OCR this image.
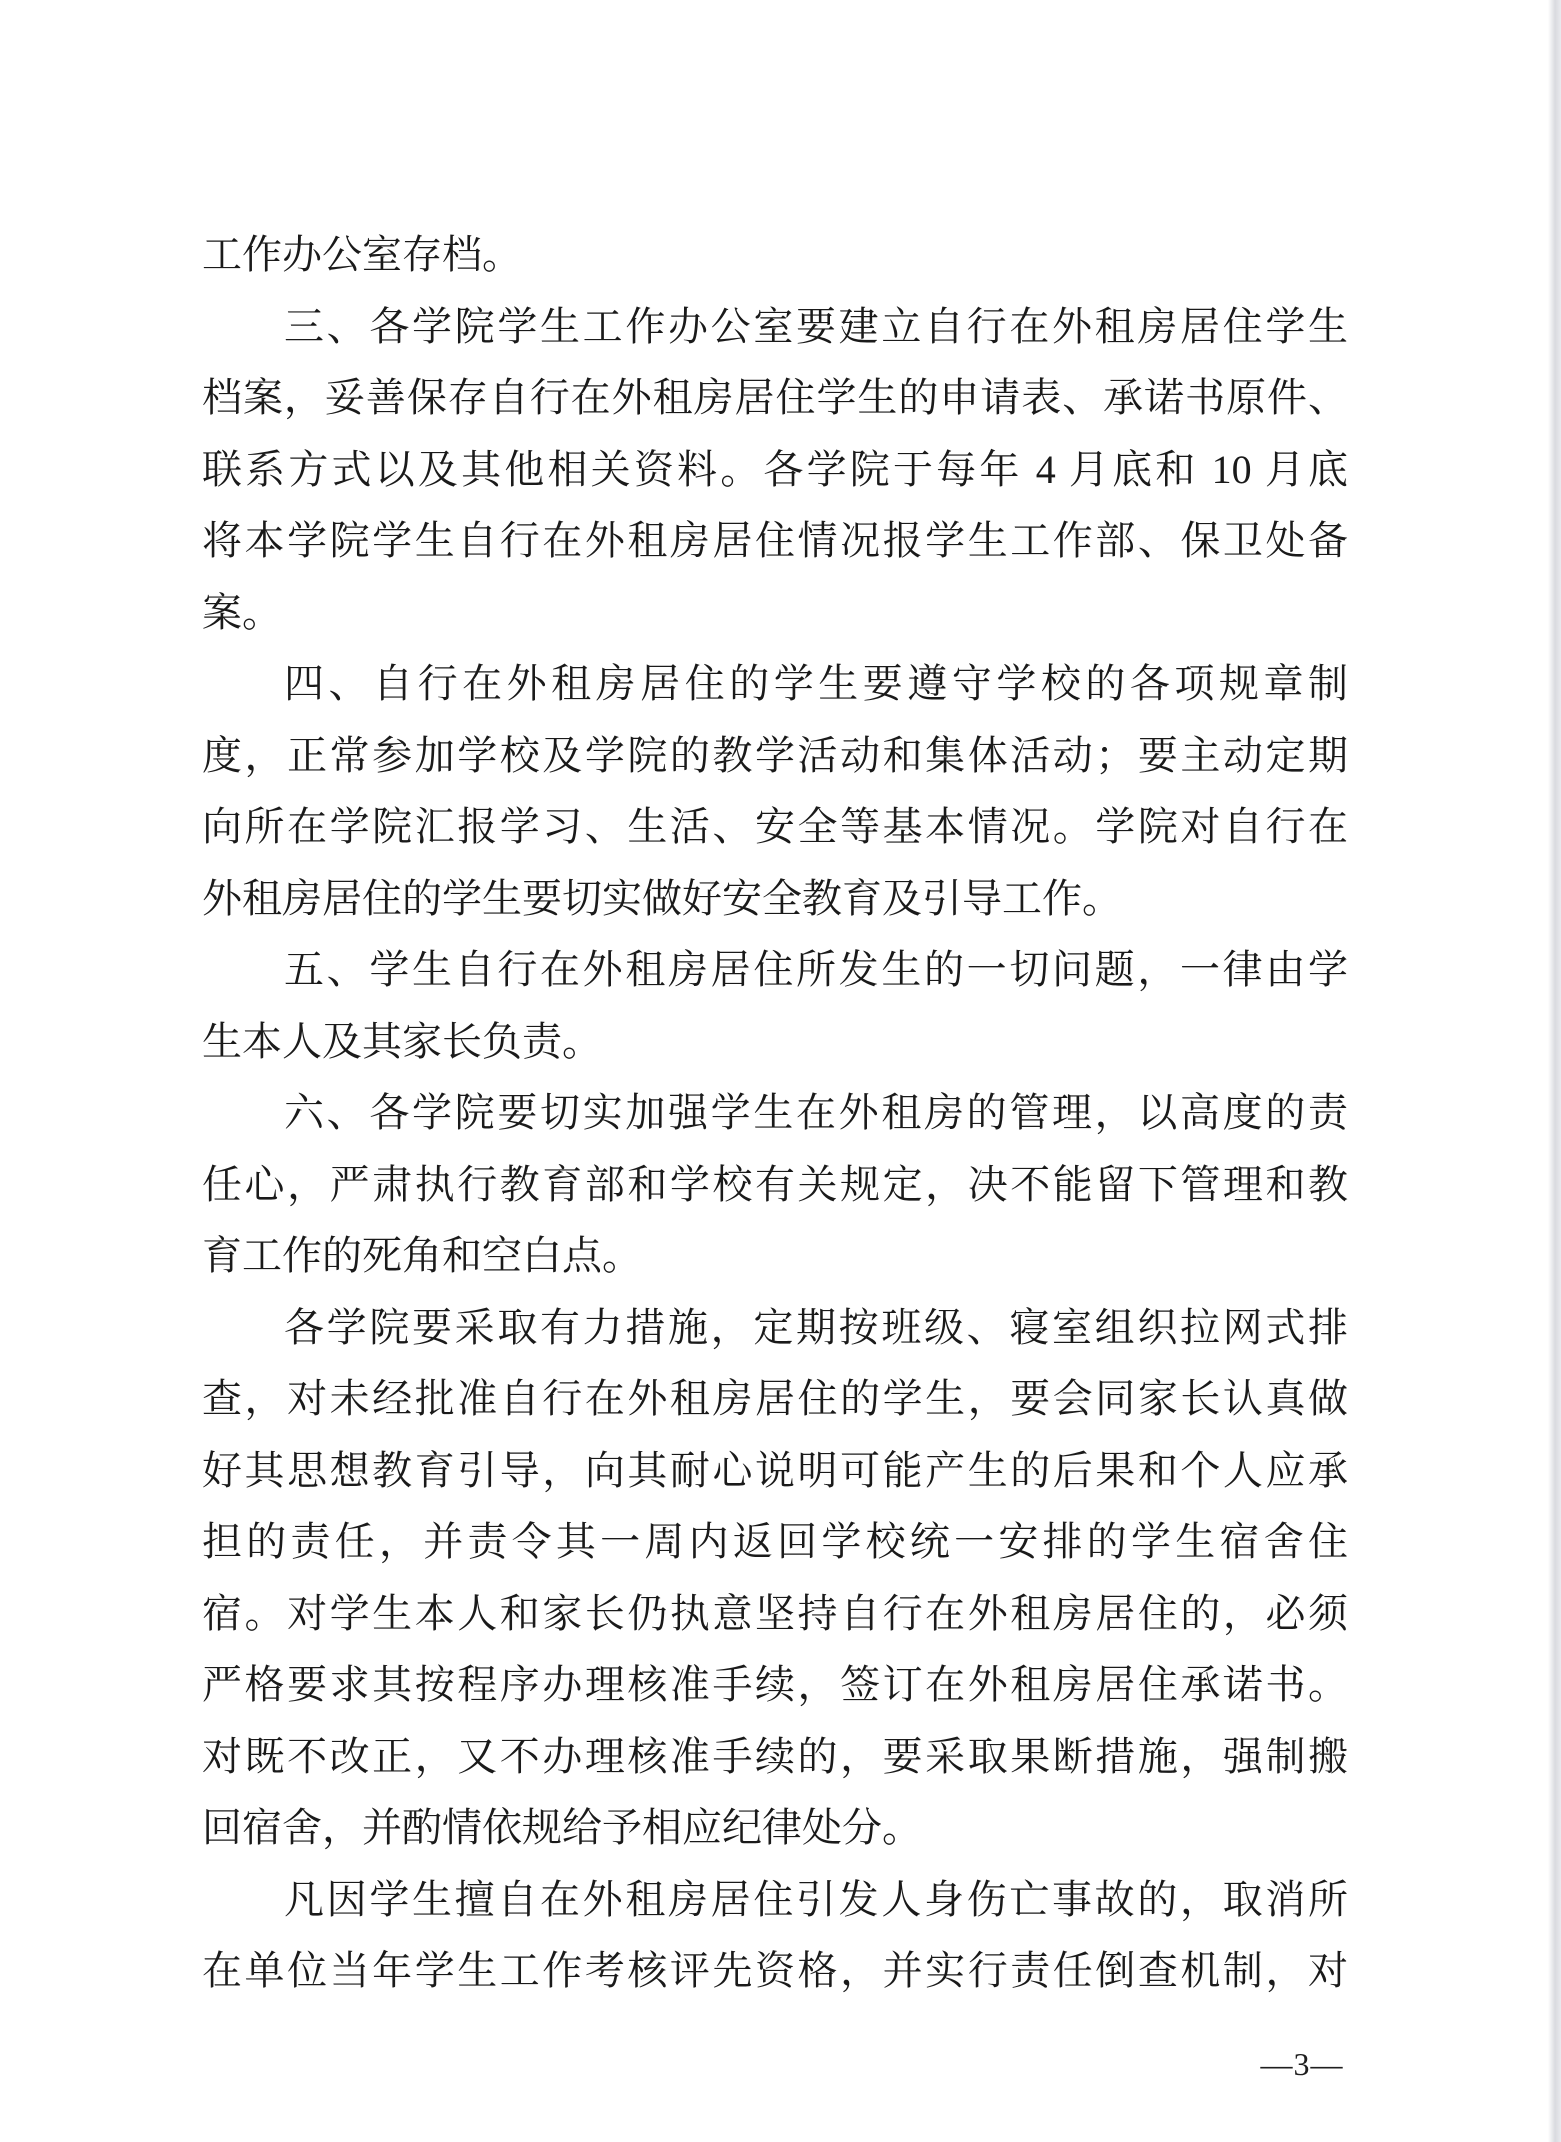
工作办公室存档。
三、各学院学生工作办公室要建立自行在外租房居住学生
档案，妥善保存自行在外租房居住学生的申请表、承诺书原件、
联系方式以及其他相关资料。各学院于每年 4 月底和 10 月底
将本学院学生自行在外租房居住情况报学生工作部、保卫处备
案。
四、自行在外租房居住的学生要遵守学校的各项规章制
度，正常参加学校及学院的教学活动和集体活动；要主动定期
向所在学院汇报学习、生活、安全等基本情况。学院对自行在
外租房居住的学生要切实做好安全教育及引导工作。
五、学生自行在外租房居住所发生的一切问题，一律由学
生本人及其家长负责。
六、各学院要切实加强学生在外租房的管理，以高度的责
任心，严肃执行教育部和学校有关规定，决不能留下管理和教
育工作的死角和空白点。
各学院要采取有力措施，定期按班级、寝室组织拉网式排
查，对未经批准自行在外租房居住的学生，要会同家长认真做
好其思想教育引导，向其耐心说明可能产生的后果和个人应承
担的责任，并责令其一周内返回学校统一安排的学生宿舍住
宿。对学生本人和家长仍执意坚持自行在外租房居住的，必须
严格要求其按程序办理核准手续，签订在外租房居住承诺书。
对既不改正，又不办理核准手续的，要采取果断措施，强制搬
回宿舍，并酌情依规给予相应纪律处分。
凡因学生擅自在外租房居住引发人身伤亡事故的，取消所
在单位当年学生工作考核评先资格，并实行责任倒查机制，对
—3—
